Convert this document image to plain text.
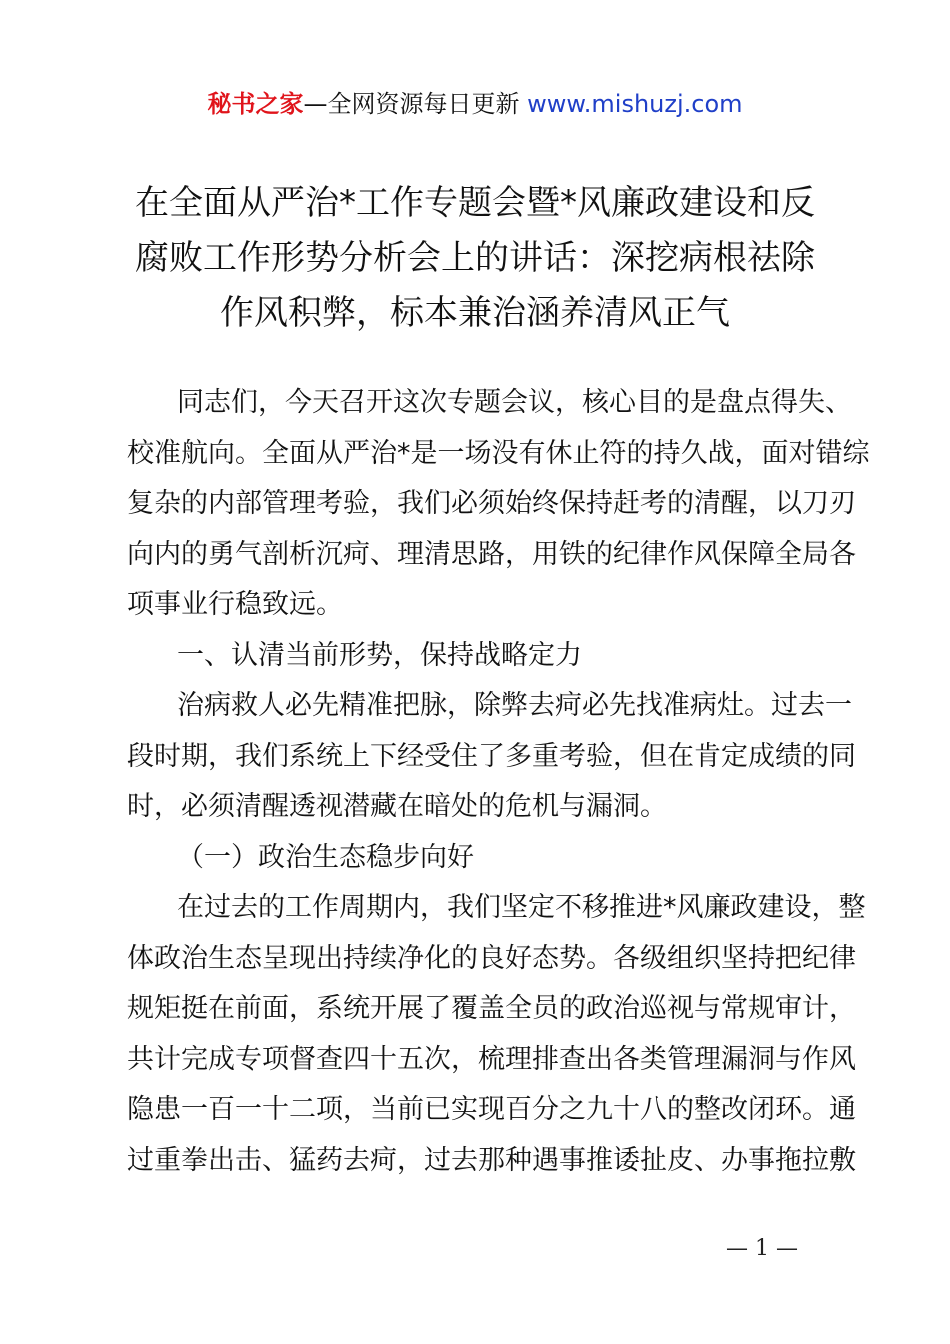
秘书之家—全网资源每日更新 www.mishuzj.com
在全面从严治*工作专题会暨*风廉政建设和反
腐败工作形势分析会上的讲话：深挖病根祛除
作风积弊，标本兼治涵养清风正气
同志们，今天召开这次专题会议，核心目的是盘点得失、
校准航向。全面从严治*是一场没有休止符的持久战，面对错综
复杂的内部管理考验，我们必须始终保持赶考的清醒，以刀刃
向内的勇气剖析沉疴、理清思路，用铁的纪律作风保障全局各
项事业行稳致远。
一、认清当前形势，保持战略定力
治病救人必先精准把脉，除弊去疴必先找准病灶。过去一
段时期，我们系统上下经受住了多重考验，但在肯定成绩的同
时，必须清醒透视潜藏在暗处的危机与漏洞。
（一）政治生态稳步向好
在过去的工作周期内，我们坚定不移推进*风廉政建设，整
体政治生态呈现出持续净化的良好态势。各级组织坚持把纪律
规矩挺在前面，系统开展了覆盖全员的政治巡视与常规审计，
共计完成专项督查四十五次，梳理排查出各类管理漏洞与作风
隐患一百一十二项，当前已实现百分之九十八的整改闭环。通
过重拳出击、猛药去疴，过去那种遇事推诿扯皮、办事拖拉敷
— 1 —
